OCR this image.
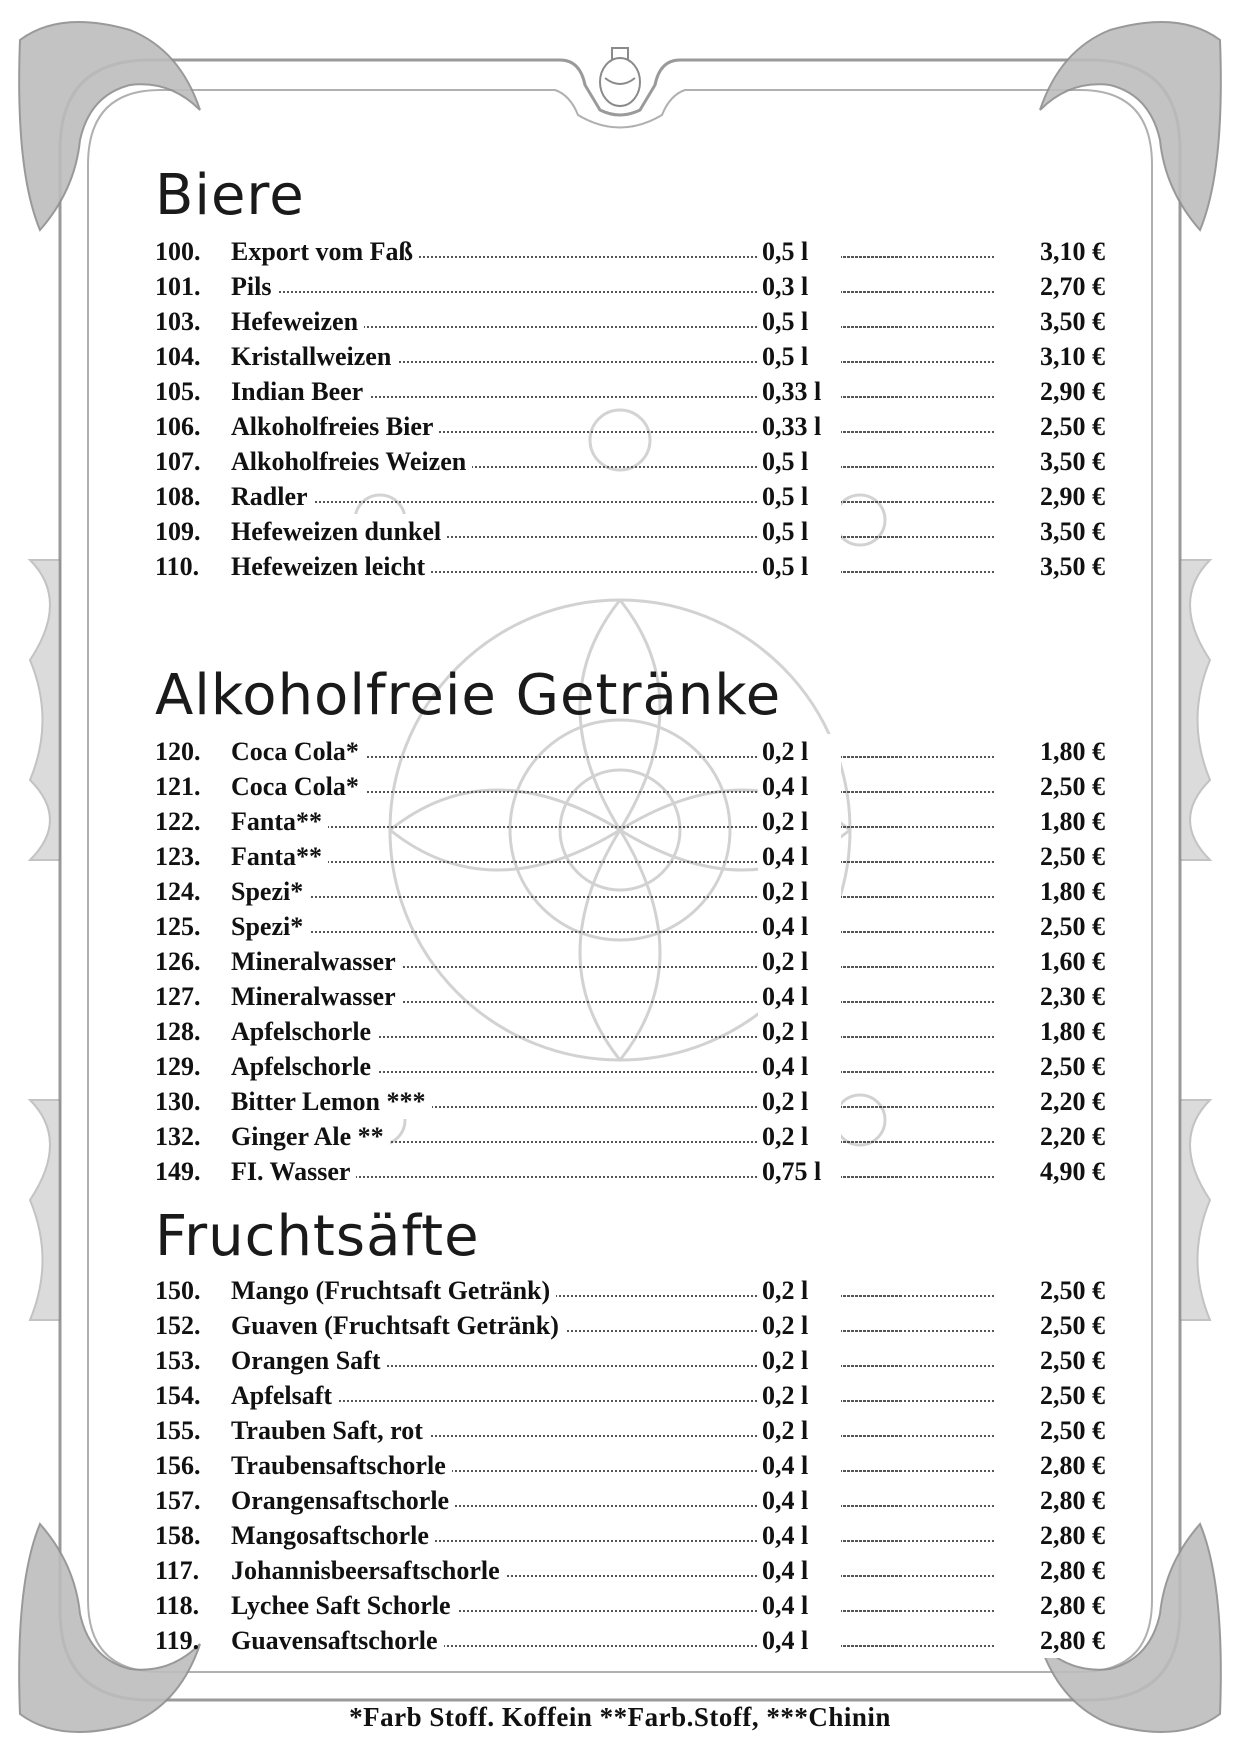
Biere
100.	Export vom Faß	0,5 l	3,10 €
101.	Pils	0,3 l	2,70 €
103.	Hefeweizen	0,5 l	3,50 €
104.	Kristallweizen	0,5 l	3,10 €
105.	Indian Beer	0,33 l	2,90 €
106.	Alkoholfreies Bier	0,33 l	2,50 €
107.	Alkoholfreies Weizen	0,5 l	3,50 €
108.	Radler	0,5 l	2,90 €
109.	Hefeweizen dunkel	0,5 l	3,50 €
110.	Hefeweizen leicht	0,5 l	3,50 €
Alkoholfreie Getränke
120.	Coca Cola*	0,2 l	1,80 €
121.	Coca Cola*	0,4 l	2,50 €
122.	Fanta**	0,2 l	1,80 €
123.	Fanta**	0,4 l	2,50 €
124.	Spezi*	0,2 l	1,80 €
125.	Spezi*	0,4 l	2,50 €
126.	Mineralwasser	0,2 l	1,60 €
127.	Mineralwasser	0,4 l	2,30 €
128.	Apfelschorle	0,2 l	1,80 €
129.	Apfelschorle	0,4 l	2,50 €
130.	Bitter Lemon ***	0,2 l	2,20 €
132.	Ginger Ale **	0,2 l	2,20 €
149.	FI. Wasser	0,75 l	4,90 €
Fruchtsäfte
150.	Mango (Fruchtsaft Getränk)	0,2 l	2,50 €
152.	Guaven (Fruchtsaft Getränk)	0,2 l	2,50 €
153.	Orangen Saft	0,2 l	2,50 €
154.	Apfelsaft	0,2 l	2,50 €
155.	Trauben Saft, rot	0,2 l	2,50 €
156.	Traubensaftschorle	0,4 l	2,80 €
157.	Orangensaftschorle	0,4 l	2,80 €
158.	Mangosaftschorle	0,4 l	2,80 €
117.	Johannisbeersaftschorle	0,4 l	2,80 €
118.	Lychee Saft Schorle	0,4 l	2,80 €
119.	Guavensaftschorle	0,4 l	2,80 €
*Farb Stoff. Koffein **Farb.Stoff, ***Chinin
